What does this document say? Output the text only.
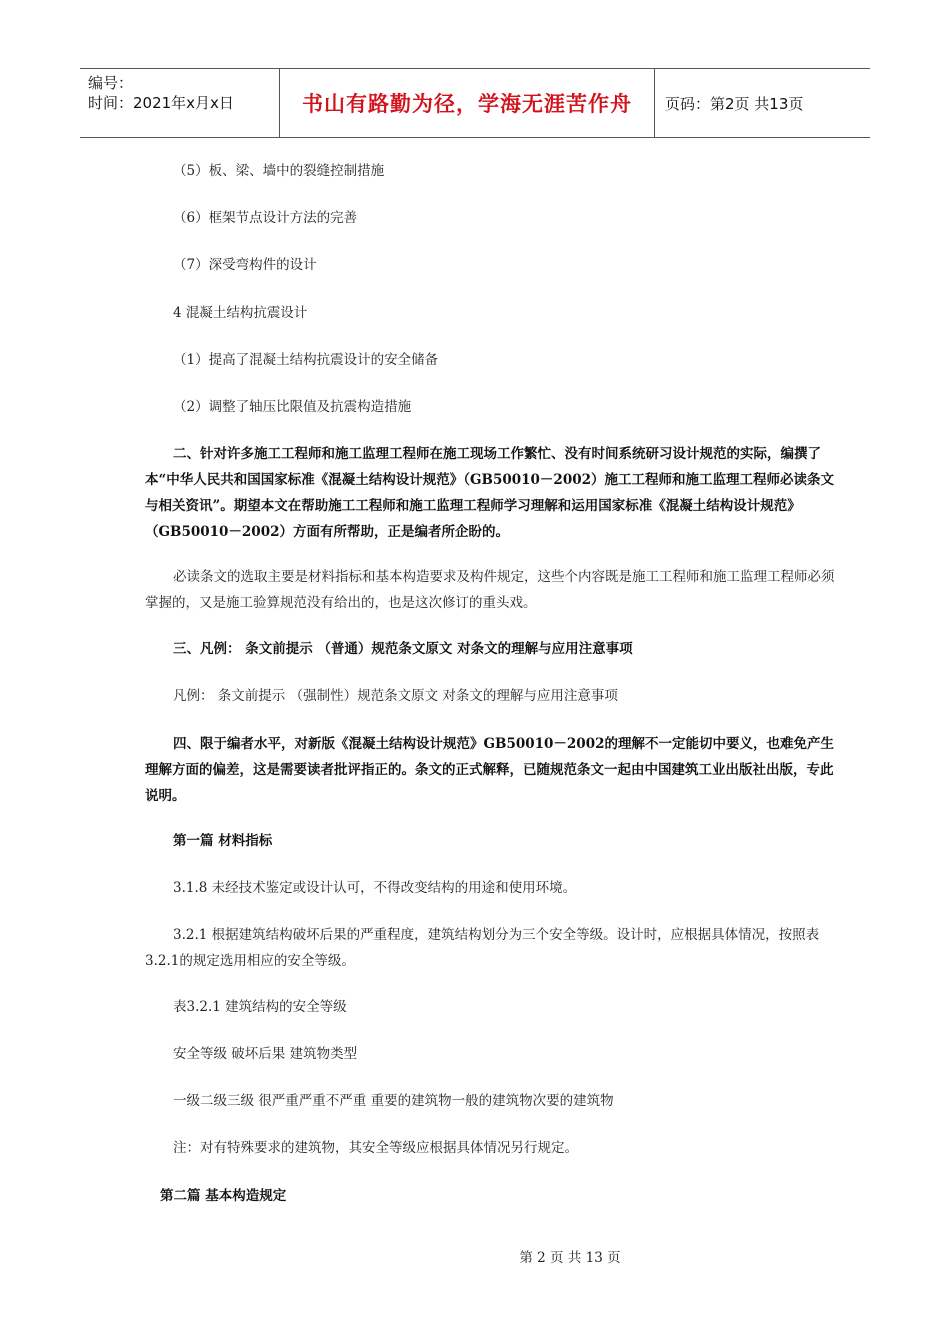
编号：
时间：2021年x月x日	书山有路勤为径，学海无涯苦作舟	页码：第2页 共13页

（5）板、梁、墙中的裂缝控制措施

（6）框架节点设计方法的完善

（7）深受弯构件的设计

4 混凝土结构抗震设计

（1）提高了混凝土结构抗震设计的安全储备

（2）调整了轴压比限值及抗震构造措施

二、针对许多施工工程师和施工监理工程师在施工现场工作繁忙、没有时间系统研习设计规范的实际，编撰了本“中华人民共和国国家标准《混凝土结构设计规范》（GB50010－2002）施工工程师和施工监理工程师必读条文与相关资讯”。期望本文在帮助施工工程师和施工监理工程师学习理解和运用国家标准《混凝土结构设计规范》（GB50010－2002）方面有所帮助，正是编者所企盼的。

必读条文的选取主要是材料指标和基本构造要求及构件规定，这些个内容既是施工工程师和施工监理工程师必须掌握的，又是施工验算规范没有给出的，也是这次修订的重头戏。

三、凡例： 条文前提示 （普通）规范条文原文 对条文的理解与应用注意事项

凡例： 条文前提示 （强制性）规范条文原文 对条文的理解与应用注意事项

四、限于编者水平，对新版《混凝土结构设计规范》GB50010－2002的理解不一定能切中要义，也难免产生理解方面的偏差，这是需要读者批评指正的。条文的正式解释，已随规范条文一起由中国建筑工业出版社出版，专此说明。

第一篇 材料指标

3.1.8 未经技术鉴定或设计认可，不得改变结构的用途和使用环境。

3.2.1 根据建筑结构破坏后果的严重程度，建筑结构划分为三个安全等级。设计时，应根据具体情况，按照表3.2.1的规定选用相应的安全等级。

表3.2.1 建筑结构的安全等级

安全等级 破坏后果 建筑物类型

一级二级三级 很严重严重不严重 重要的建筑物一般的建筑物次要的建筑物

注：对有特殊要求的建筑物，其安全等级应根据具体情况另行规定。

第二篇 基本构造规定

第 2 页 共 13 页
